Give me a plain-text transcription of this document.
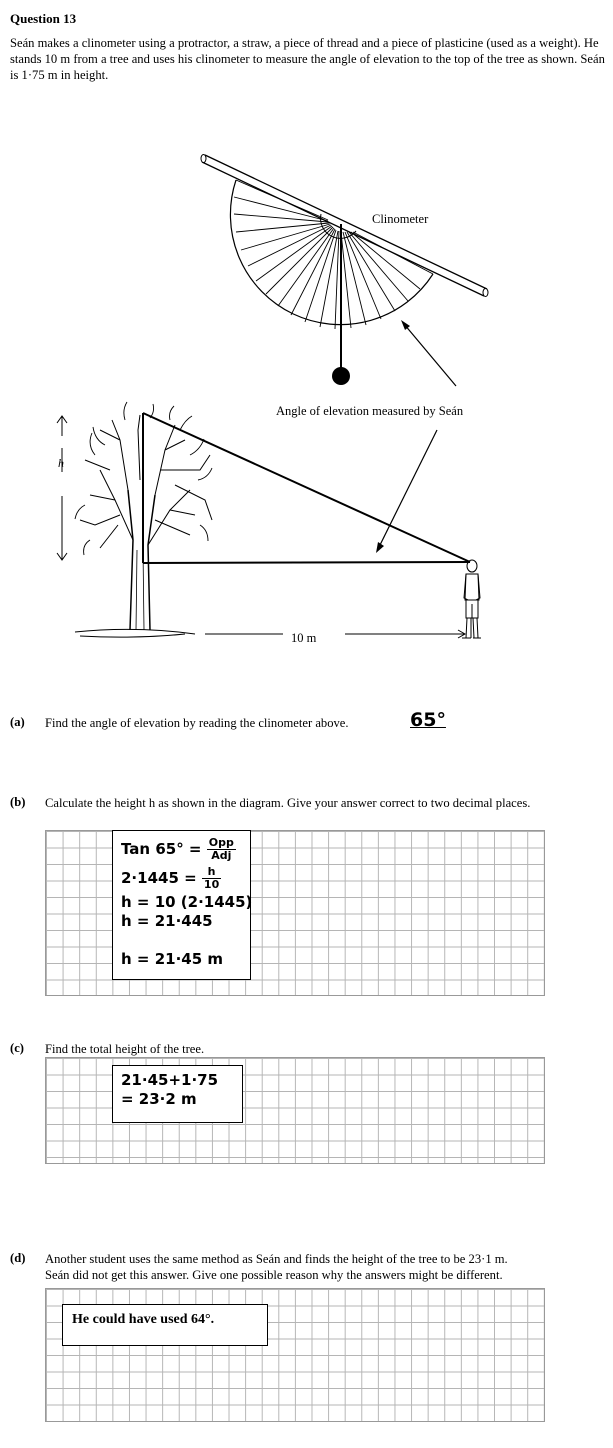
Question 13
Seán makes a clinometer using a protractor, a straw, a piece of thread and a piece of plasticine (used as a weight). He stands 10 m from a tree and uses his clinometer to measure the angle of elevation to the top of the tree as shown. Seán is 1·75 m in height.
Clinometer
Angle of elevation measured by Seán
h
10 m
(a) Find the angle of elevation by reading the clinometer above.	65°
(b) Calculate the height h as shown in the diagram. Give your answer correct to two decimal places.
Tan $65^\circ = \frac{\text{Opp}}{\text{Adj}}$
$2\cdot 1445 = \frac{h}{10}$
h = 10 (2·1445)
h = 21·445
h = 21·45 m
(c) Find the total height of the tree.
21·45+1·75
= 23·2 m
(d) Another student uses the same method as Seán and finds the height of the tree to be 23·1 m.
Seán did not get this answer. Give one possible reason why the answers might be different.
He could have used 64°.
